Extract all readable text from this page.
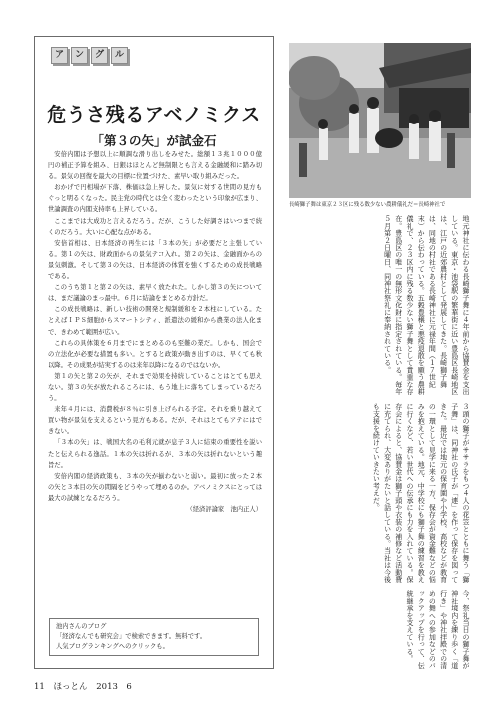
ア	ン	グ	ル
危うさ残るアベノミクス
「第３の矢」が試金石

安倍内閣は予想以上に順調な滑り出しをみせた。総額１３兆１０００億円の補正予算を組み、日銀はほとんど無制限とも言える金融緩和に踏み切る。景気の回復を最大の目標に位置づけた、素早い取り組みだった。

おかげで円相場が下落、株価は急上昇した。景気に対する世間の見方もぐっと明るくなった。民主党の時代とは全く変わったという印象が広まり、世論調査の内閣支持率も上昇している。

ここまでは大成功と言えるだろう。だが、こうした好調さはいつまで続くのだろう。大いに心配な点がある。

安倍首相は、日本経済の再生には「３本の矢」が必要だと主張している。第１の矢は、財政面からの景気テコ入れ。第２の矢は、金融面からの景気刺激。そして第３の矢は、日本経済の体質を強くするための成長戦略である。

このうち第１と第２の矢は、素早く放たれた。しかし第３の矢については、まだ議論のまっ最中。６月に結論をまとめる方針だ。

この成長戦略は、新しい技術の開発と規制緩和を２本柱にしている。たとえばＩＰＳ細胞からスマートシティ、派遣法の緩和から農業の法人化まで、きわめて範囲が広い。

これらの具体策を６月までにまとめるのも至難の業だ。しかも、国会での立法化が必要な措置も多い。とすると政策が動き出すのは、早くても秋以降。その成果が結実するのは来年以降になるのではないか。

第１の矢と第２の矢が、それまで効果を持続していることはとても思えない。第３の矢が放たれるころには、もう地上に落ちてしまっているだろう。

来年４月には、消費税が８％に引き上げられる予定。それを乗り越えて買い物が景気を支えるという見方もある。だが、それはとてもアテにはできない。

「３本の矢」は、戦国大名の毛利元就が息子３人に結束の重要性を説いたと伝えられる逸話。１本の矢は折れるが、３本の矢は折れないという趣旨だ。

安倍内閣の経済政策も、３本の矢が揃わないと弱い。最初に放った２本の矢と３本目の矢の間隔をどうやって埋めるのか。アベノミクスにとっては最大の試練となるだろう。

（経済評論家　池内正人）

池内さんのブログ
「経済なんでも研究会」で検索できます。無料です。
人気ブログランキングへのクリックも。
長崎獅子舞は東京２３区に残る数少ない農耕儀礼だ＝長崎神社で

地元神社に伝わる長崎獅子舞に４年前から協賛金を支出している。東京・池袋駅の繁華街に近い豊島区長崎地区は、江戸の近郊農村として発展してきた。長崎獅子舞は、同地の村社である長崎神社に元禄年間（１７世紀末）から伝わっている。五穀豊穣と悪疫退散を願う農耕儀礼で、２３区内に残る数少ない獅子舞として貴重な存在。豊島区の唯一の無形文化財に指定されている。毎年５月第２日曜日、同神社祭礼に奉納されている。

３頭の獅子がササラをもつ４人の花笠とともに舞う「獅子舞」は、同神社の氏子が「連」を作って保存を図ってきた。最近では地元の保育園や小学校、高校などが教育の一環として見学に来る一方、保存会が資金難などの悩みを抱えている。地元、中学校にも獅子舞の練習を教えに行くなど、若い世代への伝承にも力を入れている。保存会によると、協賛金は獅子頭や衣装の補修など活動費に充てられ、大変ありがたいと話している。当社は今後も支援を続けていきたい考えだ。

今、祭礼当日の獅子舞が神社境内を練り歩く「道行き」や神社拝殿での清めの舞への参加などのバックアップを行って、伝統継承を支えている。

11 ほっとん 2013　6
